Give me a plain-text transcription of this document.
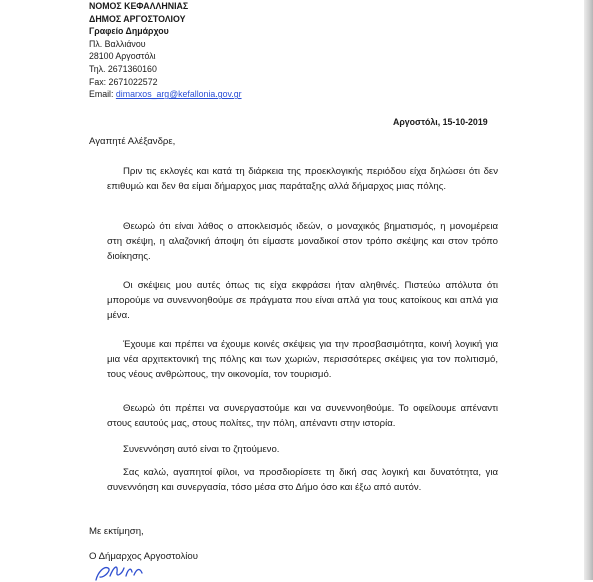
ΝΟΜΟΣ ΚΕΦΑΛΛΗΝΙΑΣ
ΔΗΜΟΣ ΑΡΓΟΣΤΟΛΙΟΥ
Γραφείο Δημάρχου
Πλ. Βαλλιάνου
28100 Αργοστόλι
Τηλ. 2671360160
Fax: 2671022572
Email: dimarxos_arg@kefallonia.gov.gr
Αργοστόλι, 15-10-2019
Αγαπητέ Αλέξανδρε,
Πριν τις εκλογές και κατά τη διάρκεια της προεκλογικής περιόδου είχα δηλώσει ότι δεν επιθυμώ και δεν θα είμαι δήμαρχος μιας παράταξης αλλά δήμαρχος μιας πόλης.
Θεωρώ ότι είναι λάθος ο αποκλεισμός ιδεών, ο μοναχικός βηματισμός, η μονομέρεια στη σκέψη, η αλαζονική άποψη ότι είμαστε μοναδικοί στον τρόπο σκέψης και στον τρόπο διοίκησης.
Οι σκέψεις μου αυτές όπως τις είχα εκφράσει ήταν αληθινές. Πιστεύω απόλυτα ότι μπορούμε να συνεννοηθούμε σε πράγματα που είναι απλά για τους κατοίκους και απλά για μένα.
Έχουμε και πρέπει να έχουμε κοινές σκέψεις για την προσβασιμότητα, κοινή λογική για μια νέα αρχιτεκτονική της πόλης και των χωριών, περισσότερες σκέψεις για τον πολιτισμό, τους νέους ανθρώπους, την οικονομία, τον τουρισμό.
Θεωρώ ότι πρέπει να συνεργαστούμε και να συνεννοηθούμε. Το οφείλουμε απέναντι στους εαυτούς μας, στους πολίτες, την πόλη, απέναντι στην ιστορία.
Συνεννόηση αυτό είναι το ζητούμενο.
Σας καλώ, αγαπητοί φίλοι, να προσδιορίσετε τη δική σας λογική και δυνατότητα, για συνεννόηση και συνεργασία, τόσο μέσα στο Δήμο όσο και έξω από αυτόν.
Με εκτίμηση,
Ο Δήμαρχος Αργοστολίου
